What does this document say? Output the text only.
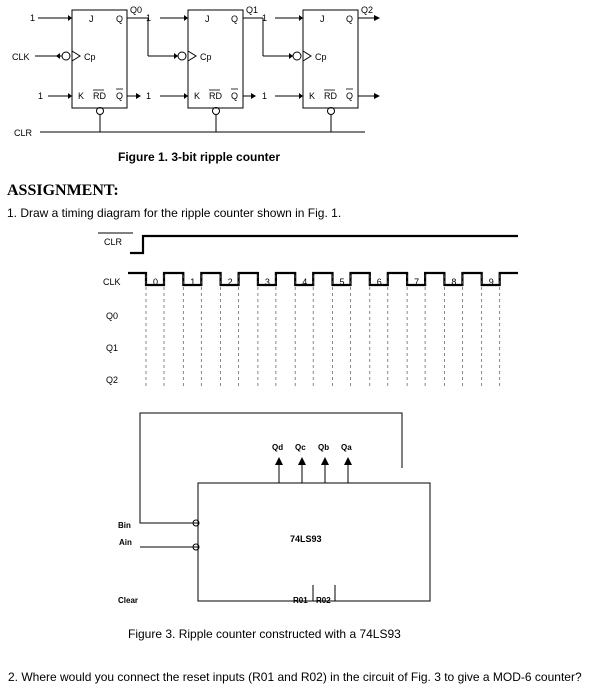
CLK
CLR
1	1	1
1	1	1
J	J	J
Q	Q	Q
Cp	Cp	Cp
K	K	K
RD	RD	RD
Q	Q	Q
Q0	Q1	Q2
Figure 1. 3-bit ripple counter
ASSIGNMENT:
1. Draw a timing diagram for the ripple counter shown in Fig. 1.
CLR
CLK
Q0
Q1
Q2
0	1	2	3	4	5	6	7	8	9
Qd Qc Qb Qa
Bin
Ain
Clear	R01 R02
74LS93
Figure 3. Ripple counter constructed with a 74LS93
2. Where would you connect the reset inputs (R01 and R02) in the circuit of Fig. 3 to give a MOD-6 counter?
